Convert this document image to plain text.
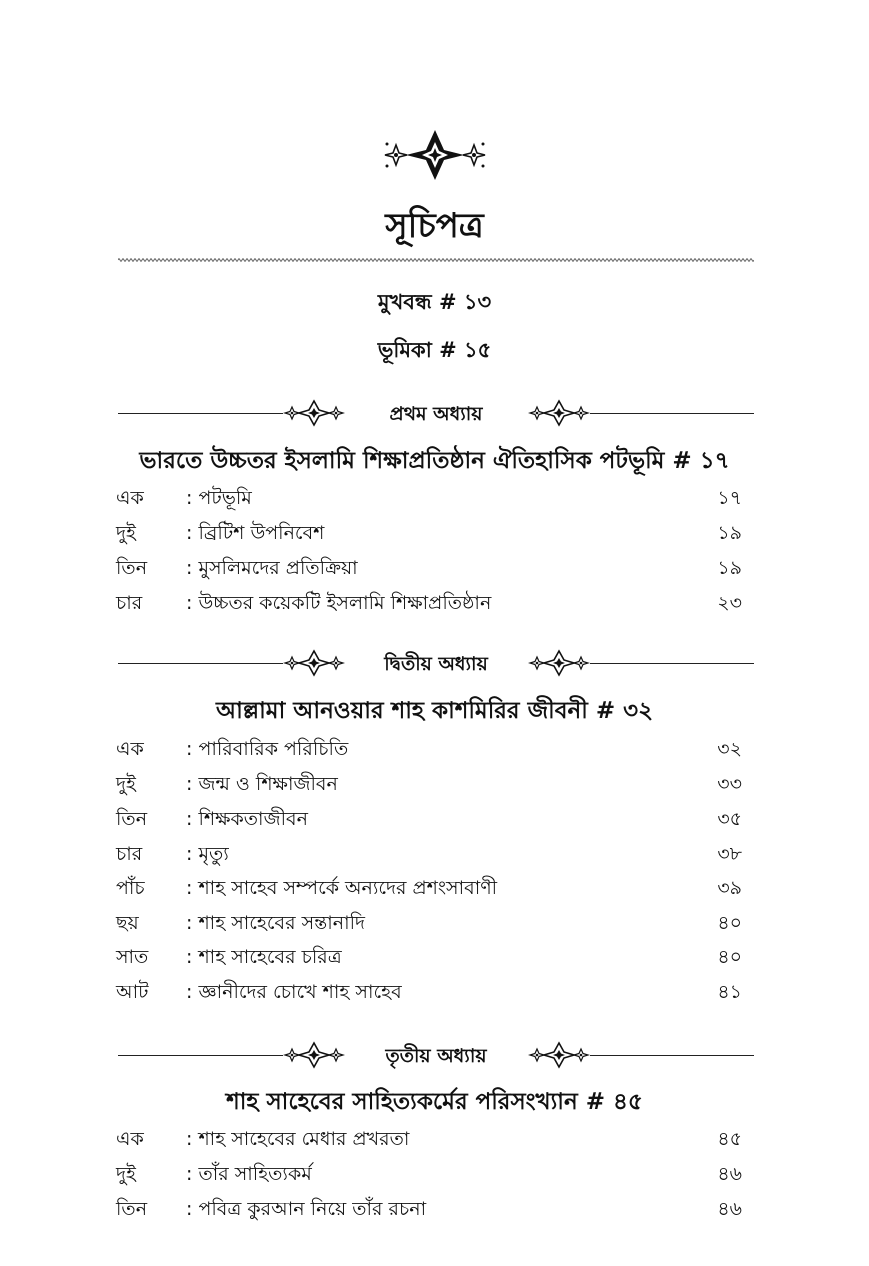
সূচিপত্র
মুখবন্ধ # ১৩
ভূমিকা # ১৫
প্রথম অধ্যায়
ভারতে উচ্চতর ইসলামি শিক্ষাপ্রতিষ্ঠান ঐতিহাসিক পটভূমি # ১৭
এক : পটভূমি	১৭
দুই	: ব্রিটিশ উপনিবেশ	১৯
তিন : মুসলিমদের প্রতিক্রিয়া	১৯
চার : উচ্চতর কয়েকটি ইসলামি শিক্ষাপ্রতিষ্ঠান	২৩
দ্বিতীয় অধ্যায়
আল্লামা আনওয়ার শাহ কাশমিরির জীবনী # ৩২
এক : পারিবারিক পরিচিতি	৩২
দুই	: জন্ম ও শিক্ষাজীবন	৩৩
তিন : শিক্ষকতাজীবন	৩৫
চার : মৃত্যু	৩৮
পাঁচ : শাহ সাহেব সম্পর্কে অন্যদের প্রশংসাবাণী	৩৯
ছয় : শাহ সাহেবের সন্তানাদি	৪০
সাত : শাহ সাহেবের চরিত্র	৪০
আট : জ্ঞানীদের চোখে শাহ সাহেব	৪১
তৃতীয় অধ্যায়
শাহ সাহেবের সাহিত্যকর্মের পরিসংখ্যান # ৪৫
এক : শাহ সাহেবের মেধার প্রখরতা	৪৫
দুই	: তাঁর সাহিত্যকর্ম	৪৬
তিন : পবিত্র কুরআন নিয়ে তাঁর রচনা	৪৬
